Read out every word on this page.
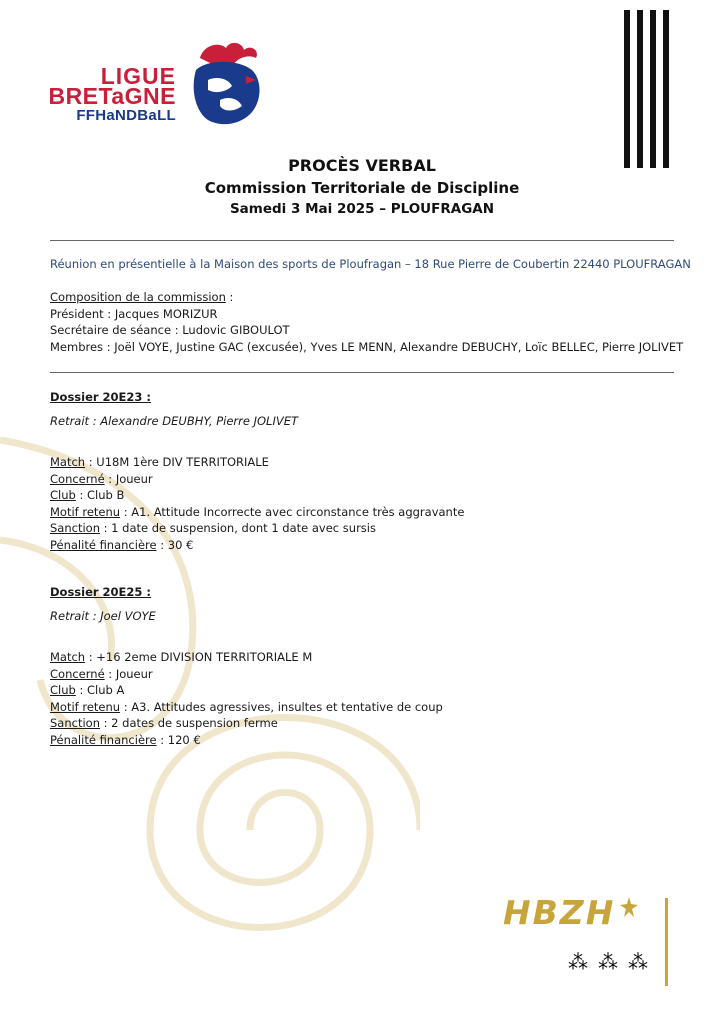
LIGUE
BRETaGNE
FFHaNDBaLL
PROCÈS VERBAL
Commission Territoriale de Discipline
Samedi 3 Mai 2025 – PLOUFRAGAN
Réunion en présentielle à la Maison des sports de Ploufragan – 18 Rue Pierre de Coubertin 22440 PLOUFRAGAN
Composition de la commission :
Président : Jacques MORIZUR
Secrétaire de séance : Ludovic GIBOULOT
Membres : Joël VOYE, Justine GAC (excusée), Yves LE MENN, Alexandre DEBUCHY, Loïc BELLEC, Pierre JOLIVET
Dossier 20E23 :
Retrait : Alexandre DEUBHY, Pierre JOLIVET
Match : U18M 1ère DIV TERRITORIALE
Concerné : Joueur
Club : Club B
Motif retenu : A1. Attitude Incorrecte avec circonstance très aggravante
Sanction : 1 date de suspension, dont 1 date avec sursis
Pénalité financière : 30 €
Dossier 20E25 :
Retrait : Joel VOYE
Match : +16 2eme DIVISION TERRITORIALE M
Concerné : Joueur
Club : Club A
Motif retenu : A3. Attitudes agressives, insultes et tentative de coup
Sanction : 2 dates de suspension ferme
Pénalité financière : 120 €
HBZH
⁂⁂⁂
